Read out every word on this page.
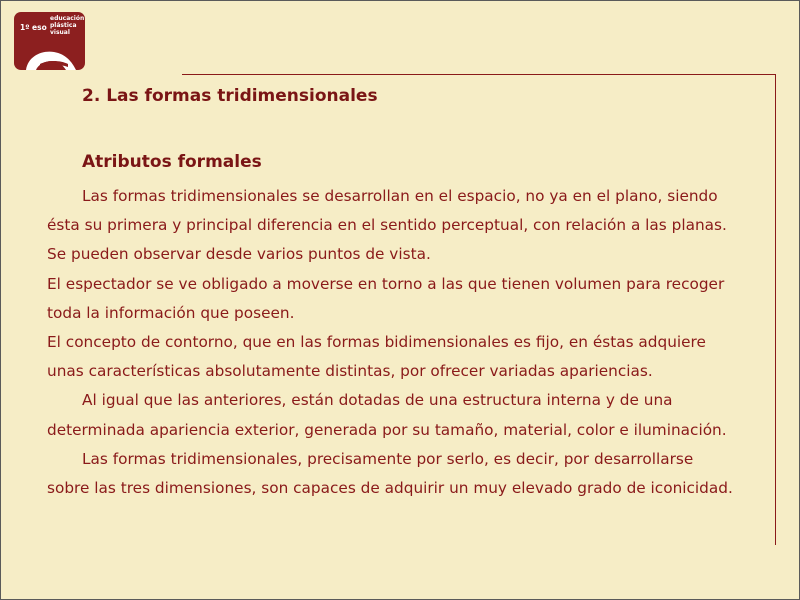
1º eso
educación
plástica
visual
2. Las formas tridimensionales
Atributos formales
Las formas tridimensionales se desarrollan en el espacio, no ya en el plano, siendo
ésta su primera y principal diferencia en el sentido perceptual, con relación a las planas.
Se pueden observar desde varios puntos de vista.
El espectador se ve obligado a moverse en torno a las que tienen volumen para recoger
toda la información que poseen.
El concepto de contorno, que en las formas bidimensionales es fijo, en éstas adquiere
unas características absolutamente distintas, por ofrecer variadas apariencias.
Al igual que las anteriores, están dotadas de una estructura interna y de una
determinada apariencia exterior, generada por su tamaño, material, color e iluminación.
Las formas tridimensionales, precisamente por serlo, es decir, por desarrollarse
sobre las tres dimensiones, son capaces de adquirir un muy elevado grado de iconicidad.
